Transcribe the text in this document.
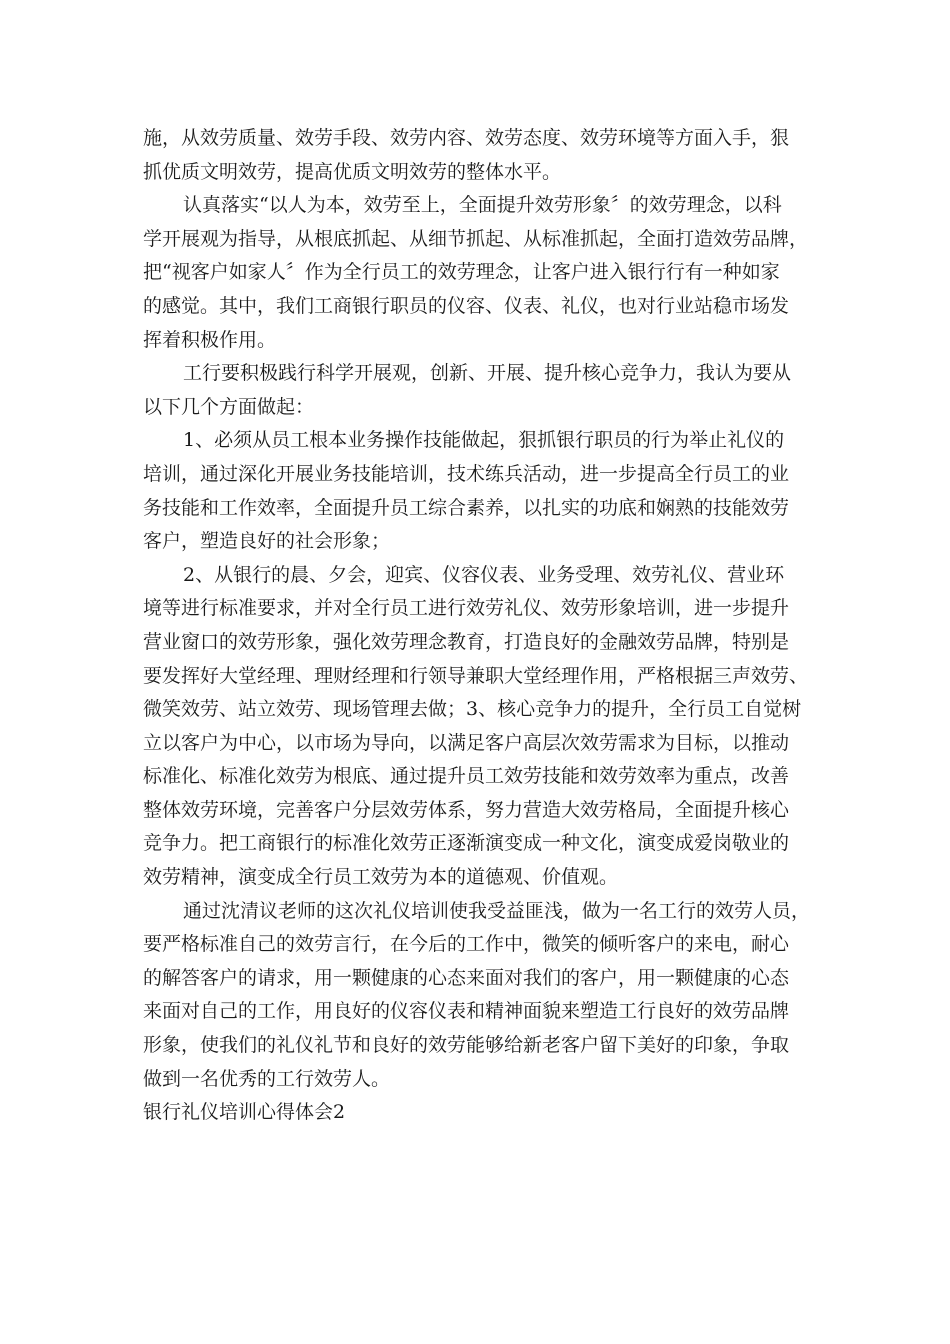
施，从效劳质量、效劳手段、效劳内容、效劳态度、效劳环境等方面入手，狠
抓优质文明效劳，提高优质文明效劳的整体水平。
认真落实“以人为本，效劳至上，全面提升效劳形象〞的效劳理念，以科
学开展观为指导，从根底抓起、从细节抓起、从标准抓起，全面打造效劳品牌，
把“视客户如家人〞作为全行员工的效劳理念，让客户进入银行行有一种如家
的感觉。其中，我们工商银行职员的仪容、仪表、礼仪，也对行业站稳市场发
挥着积极作用。
工行要积极践行科学开展观，创新、开展、提升核心竞争力，我认为要从
以下几个方面做起：
1、必须从员工根本业务操作技能做起，狠抓银行职员的行为举止礼仪的
培训，通过深化开展业务技能培训，技术练兵活动，进一步提高全行员工的业
务技能和工作效率，全面提升员工综合素养，以扎实的功底和娴熟的技能效劳
客户，塑造良好的社会形象；
2、从银行的晨、夕会，迎宾、仪容仪表、业务受理、效劳礼仪、营业环
境等进行标准要求，并对全行员工进行效劳礼仪、效劳形象培训，进一步提升
营业窗口的效劳形象，强化效劳理念教育，打造良好的金融效劳品牌，特别是
要发挥好大堂经理、理财经理和行领导兼职大堂经理作用，严格根据三声效劳、
微笑效劳、站立效劳、现场管理去做；3、核心竞争力的提升，全行员工自觉树
立以客户为中心，以市场为导向，以满足客户高层次效劳需求为目标，以推动
标准化、标准化效劳为根底、通过提升员工效劳技能和效劳效率为重点，改善
整体效劳环境，完善客户分层效劳体系，努力营造大效劳格局，全面提升核心
竞争力。把工商银行的标准化效劳正逐渐演变成一种文化，演变成爱岗敬业的
效劳精神，演变成全行员工效劳为本的道德观、价值观。
通过沈清议老师的这次礼仪培训使我受益匪浅，做为一名工行的效劳人员，
要严格标准自己的效劳言行，在今后的工作中，微笑的倾听客户的来电，耐心
的解答客户的请求，用一颗健康的心态来面对我们的客户，用一颗健康的心态
来面对自己的工作，用良好的仪容仪表和精神面貌来塑造工行良好的效劳品牌
形象，使我们的礼仪礼节和良好的效劳能够给新老客户留下美好的印象，争取
做到一名优秀的工行效劳人。
银行礼仪培训心得体会2
